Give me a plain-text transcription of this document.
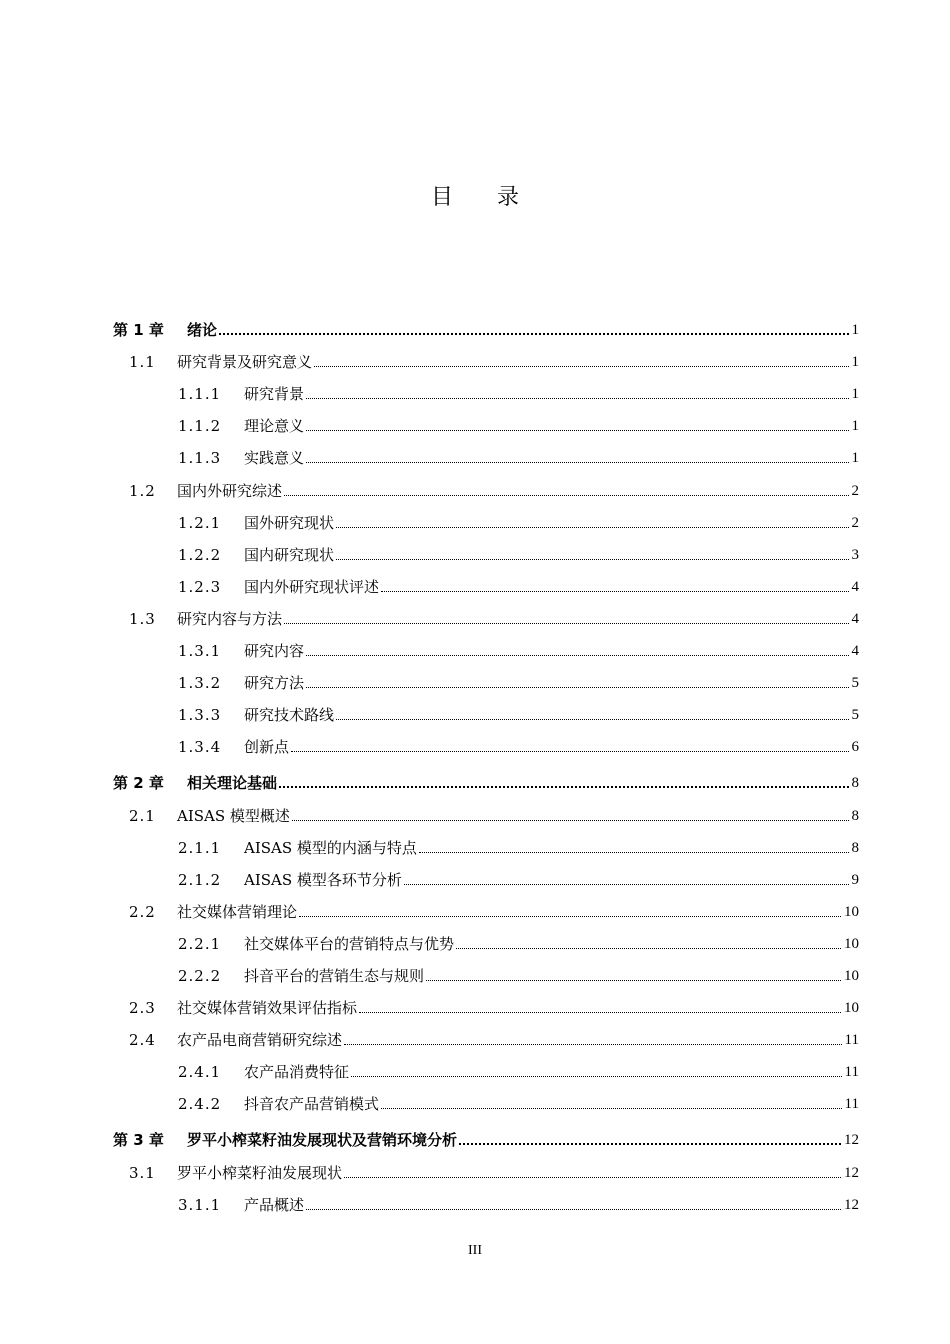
目录
第 1 章	绪论	1
1.1	研究背景及研究意义	1
1.1.1	研究背景	1
1.1.2	理论意义	1
1.1.3	实践意义	1
1.2	国内外研究综述	2
1.2.1	国外研究现状	2
1.2.2	国内研究现状	3
1.2.3	国内外研究现状评述	4
1.3	研究内容与方法	4
1.3.1	研究内容	4
1.3.2	研究方法	5
1.3.3	研究技术路线	5
1.3.4	创新点	6
第 2 章	相关理论基础	8
2.1	AISAS 模型概述	8
2.1.1	AISAS 模型的内涵与特点	8
2.1.2	AISAS 模型各环节分析	9
2.2	社交媒体营销理论	10
2.2.1	社交媒体平台的营销特点与优势	10
2.2.2	抖音平台的营销生态与规则	10
2.3	社交媒体营销效果评估指标	10
2.4	农产品电商营销研究综述	11
2.4.1	农产品消费特征	11
2.4.2	抖音农产品营销模式	11
第 3 章	罗平小榨菜籽油发展现状及营销环境分析	12
3.1	罗平小榨菜籽油发展现状	12
3.1.1	产品概述	12
III
